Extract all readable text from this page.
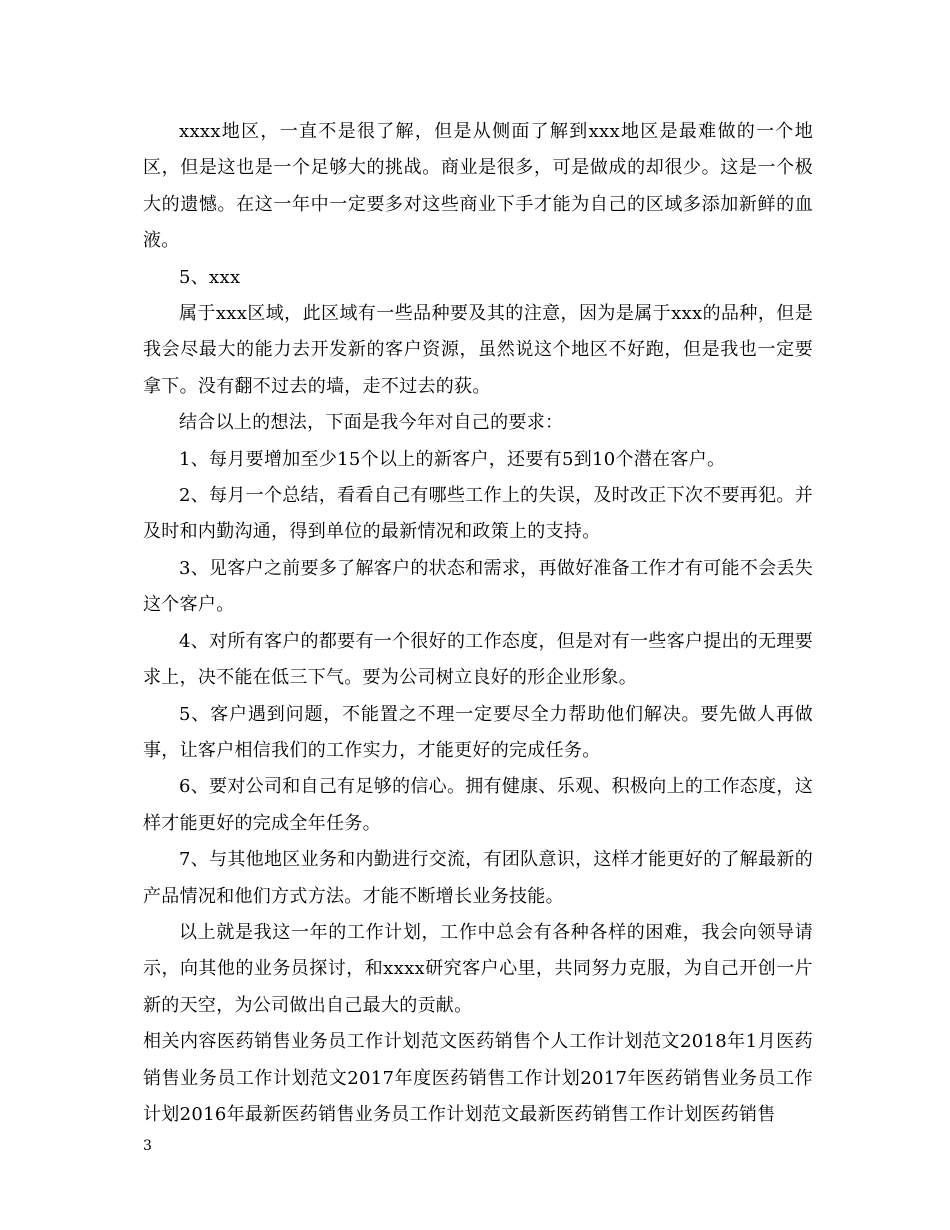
xxxx地区，一直不是很了解，但是从侧面了解到xxx地区是最难做的一个地区，但是这也是一个足够大的挑战。商业是很多，可是做成的却很少。这是一个极大的遗憾。在这一年中一定要多对这些商业下手才能为自己的区域多添加新鲜的血液。

5、xxx

属于xxx区域，此区域有一些品种要及其的注意，因为是属于xxx的品种，但是我会尽最大的能力去开发新的客户资源，虽然说这个地区不好跑，但是我也一定要拿下。没有翻不过去的墙，走不过去的荻。

结合以上的想法，下面是我今年对自己的要求：

1、每月要增加至少15个以上的新客户，还要有5到10个潜在客户。

2、每月一个总结，看看自己有哪些工作上的失误，及时改正下次不要再犯。并及时和内勤沟通，得到单位的最新情况和政策上的支持。

3、见客户之前要多了解客户的状态和需求，再做好准备工作才有可能不会丢失这个客户。

4、对所有客户的都要有一个很好的工作态度，但是对有一些客户提出的无理要求上，决不能在低三下气。要为公司树立良好的形企业形象。

5、客户遇到问题，不能置之不理一定要尽全力帮助他们解决。要先做人再做事，让客户相信我们的工作实力，才能更好的完成任务。

6、要对公司和自己有足够的信心。拥有健康、乐观、积极向上的工作态度，这样才能更好的完成全年任务。

7、与其他地区业务和内勤进行交流，有团队意识，这样才能更好的了解最新的产品情况和他们方式方法。才能不断增长业务技能。

以上就是我这一年的工作计划，工作中总会有各种各样的困难，我会向领导请示，向其他的业务员探讨，和xxxx研究客户心里，共同努力克服，为自己开创一片新的天空，为公司做出自己最大的贡献。

相关内容医药销售业务员工作计划范文医药销售个人工作计划范文2018年1月医药销售业务员工作计划范文2017年度医药销售工作计划2017年医药销售业务员工作计划2016年最新医药销售业务员工作计划范文最新医药销售工作计划医药销售

3
